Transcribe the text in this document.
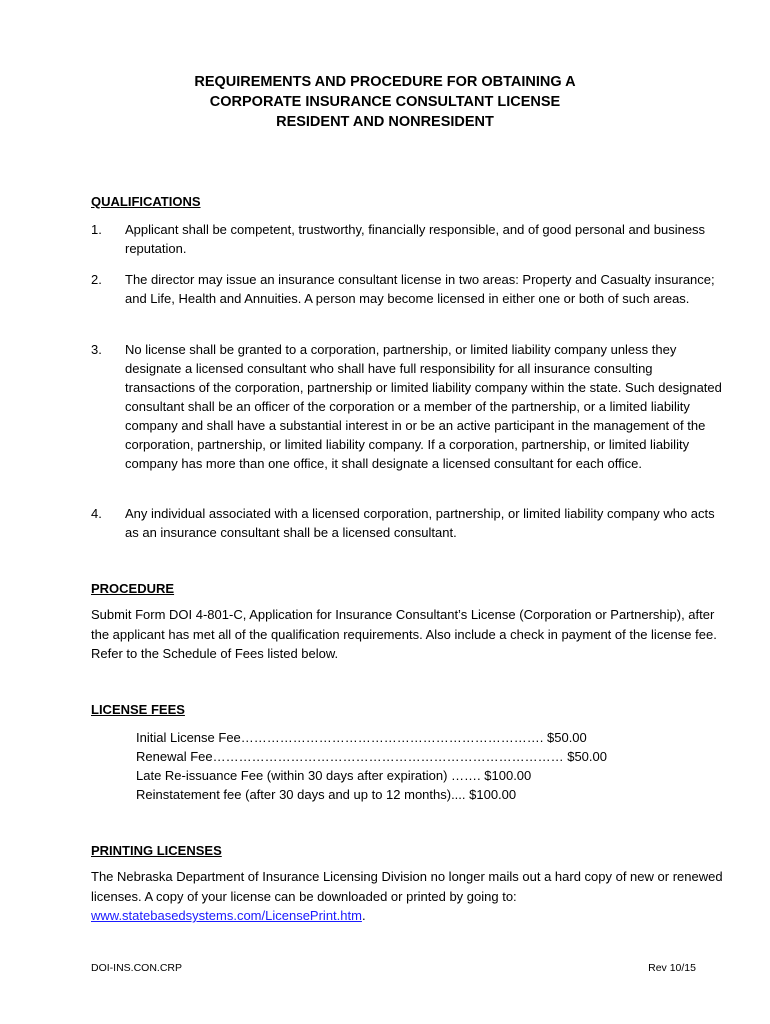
REQUIREMENTS AND PROCEDURE FOR OBTAINING A
CORPORATE INSURANCE CONSULTANT LICENSE
RESIDENT AND NONRESIDENT
QUALIFICATIONS
1. Applicant shall be competent, trustworthy, financially responsible, and of good personal and business reputation.
2. The director may issue an insurance consultant license in two areas: Property and Casualty insurance; and Life, Health and Annuities. A person may become licensed in either one or both of such areas.
3. No license shall be granted to a corporation, partnership, or limited liability company unless they designate a licensed consultant who shall have full responsibility for all insurance consulting transactions of the corporation, partnership or limited liability company within the state. Such designated consultant shall be an officer of the corporation or a member of the partnership, or a limited liability company and shall have a substantial interest in or be an active participant in the management of the corporation, partnership, or limited liability company. If a corporation, partnership, or limited liability company has more than one office, it shall designate a licensed consultant for each office.
4. Any individual associated with a licensed corporation, partnership, or limited liability company who acts as an insurance consultant shall be a licensed consultant.
PROCEDURE
Submit Form DOI 4-801-C, Application for Insurance Consultant’s License (Corporation or Partnership), after the applicant has met all of the qualification requirements. Also include a check in payment of the license fee. Refer to the Schedule of Fees listed below.
LICENSE FEES
Initial License Fee……………………………………………………………. $50.00
Renewal Fee……………………………………………………………………… $50.00
Late Re-issuance Fee (within 30 days after expiration) ……. $100.00
Reinstatement fee (after 30 days and up to 12 months).... $100.00
PRINTING LICENSES
The Nebraska Department of Insurance Licensing Division no longer mails out a hard copy of new or renewed licenses. A copy of your license can be downloaded or printed by going to: www.statebasedsystems.com/LicensePrint.htm.
DOI-INS.CON.CRP	Rev 10/15
